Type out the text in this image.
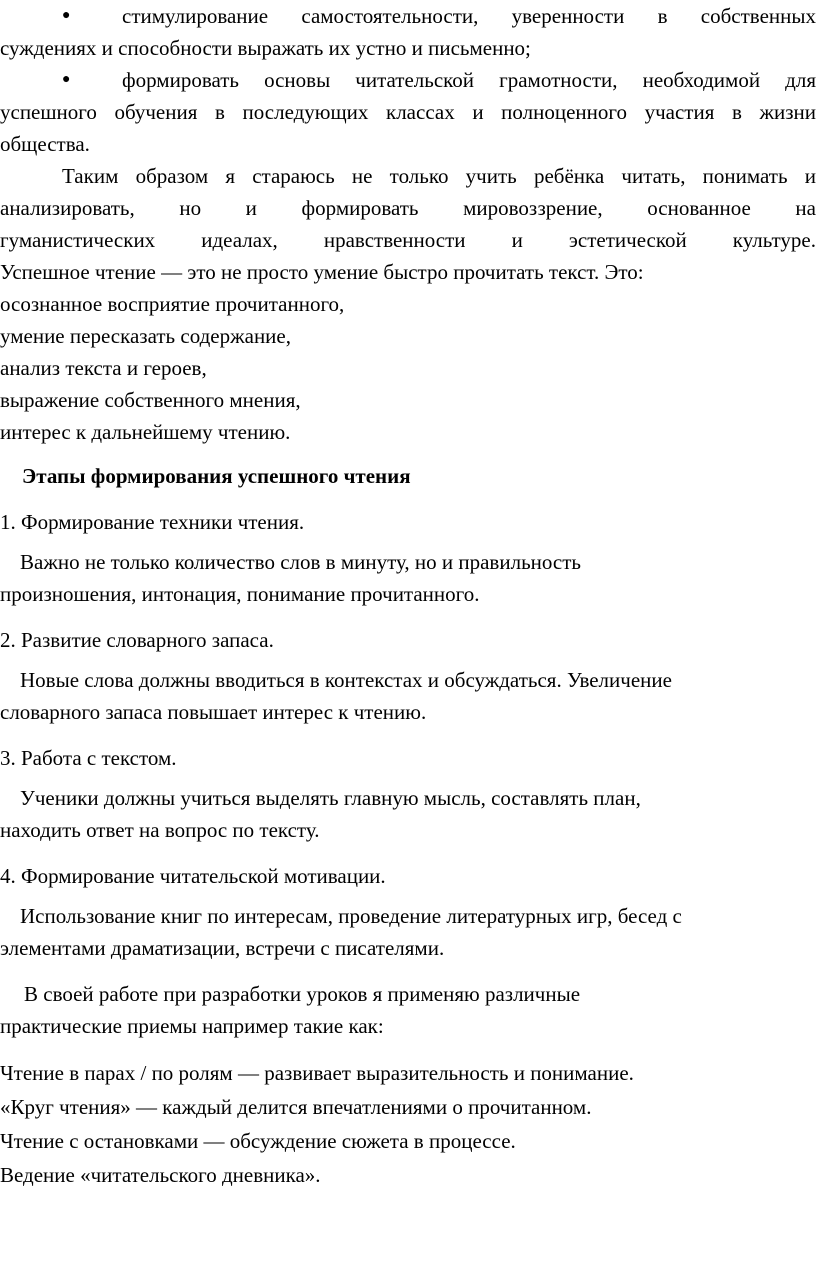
●	стимулирование самостоятельности, уверенности в собственных
суждениях и способности выражать их устно и письменно;
●	формировать основы читательской грамотности, необходимой для
успешного обучения в последующих классах и полноценного участия в жизни
общества.
Таким образом я стараюсь не только учить ребёнка читать, понимать и
анализировать, но и формировать мировоззрение, основанное на
гуманистических идеалах, нравственности и эстетической культуре.
Успешное чтение — это не просто умение быстро прочитать текст. Это:
осознанное восприятие прочитанного,
умение пересказать содержание,
анализ текста и героев,
выражение собственного мнения,
интерес к дальнейшему чтению.
Этапы формирования успешного чтения
1. Формирование техники чтения.
Важно не только количество слов в минуту, но и правильность
произношения, интонация, понимание прочитанного.
2. Развитие словарного запаса.
Новые слова должны вводиться в контекстах и обсуждаться. Увеличение
словарного запаса повышает интерес к чтению.
3. Работа с текстом.
Ученики должны учиться выделять главную мысль, составлять план,
находить ответ на вопрос по тексту.
4. Формирование читательской мотивации.
Использование книг по интересам, проведение литературных игр, бесед с
элементами драматизации, встречи с писателями.
В своей работе при разработки уроков я применяю различные
практические приемы например такие как:
Чтение в парах / по ролям — развивает выразительность и понимание.
«Круг чтения» — каждый делится впечатлениями о прочитанном.
Чтение с остановками — обсуждение сюжета в процессе.
Ведение «читательского дневника».
